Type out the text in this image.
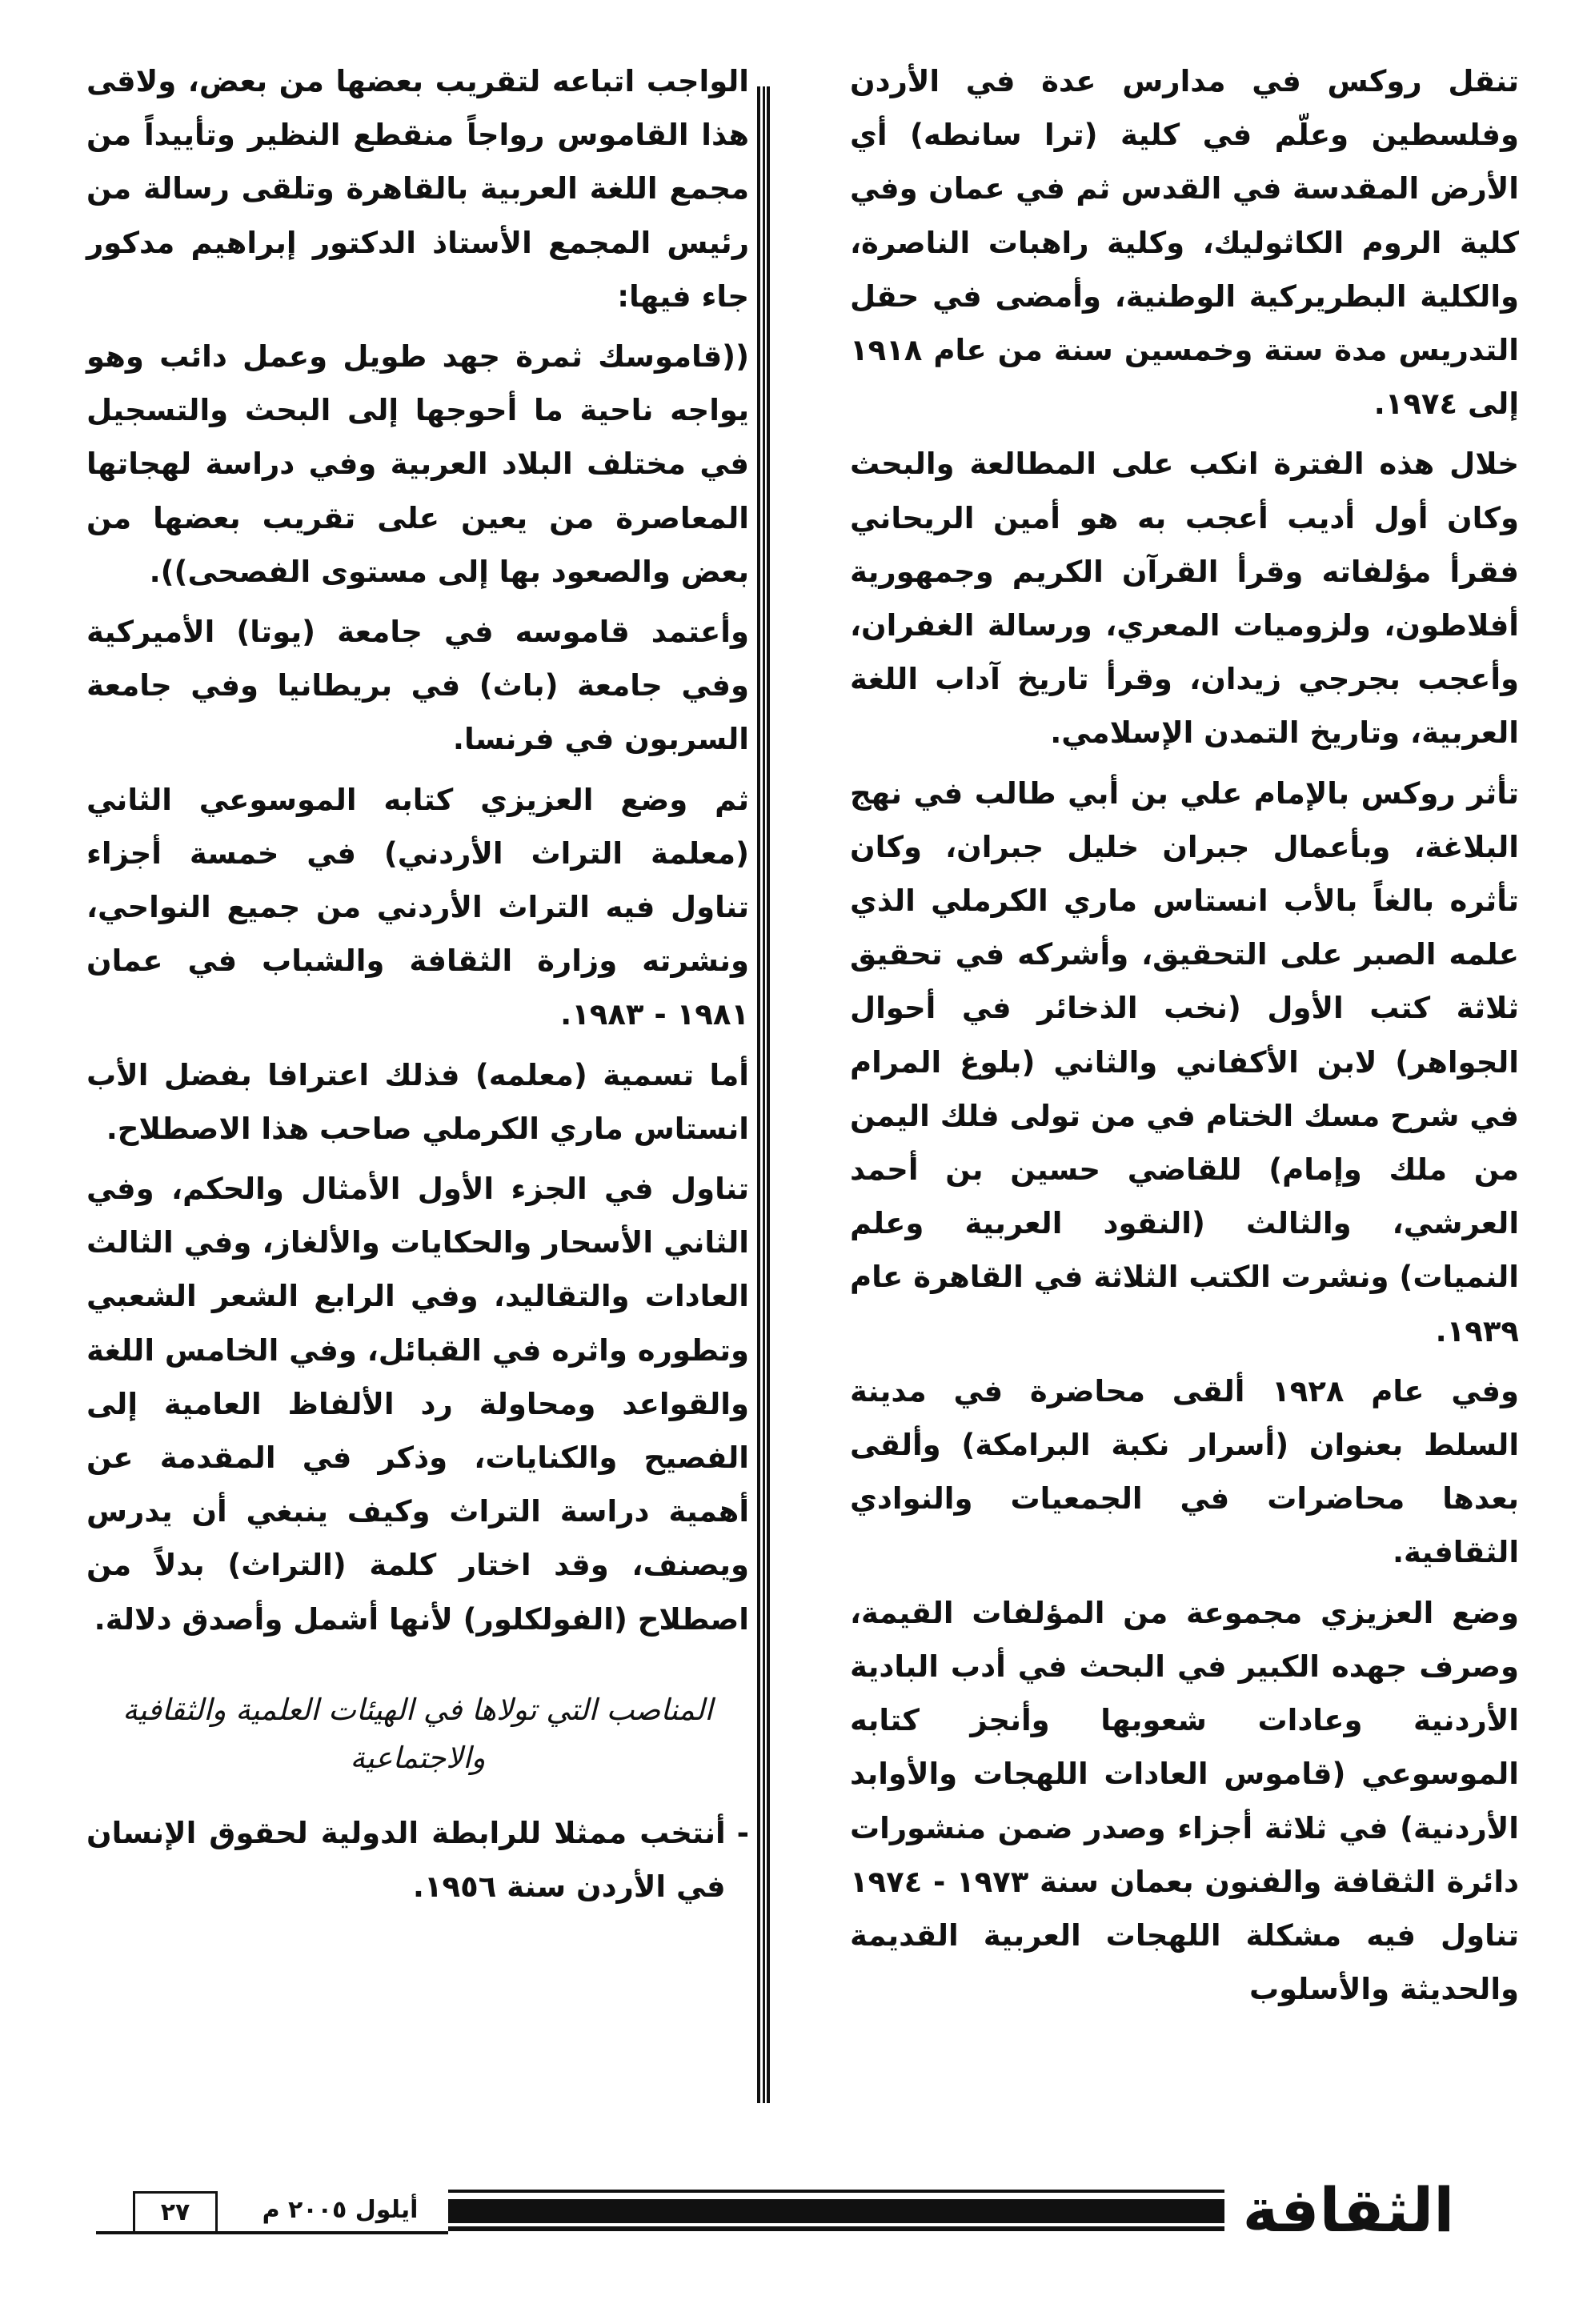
تنقل روكس في مدارس عدة في الأردن وفلسطين وعلّم في كلية (ترا سانطه) أي الأرض المقدسة في القدس ثم في عمان وفي كلية الروم الكاثوليك، وكلية راهبات الناصرة، والكلية البطريركية الوطنية، وأمضى في حقل التدريس مدة ستة وخمسين سنة من عام ١٩١٨ إلى ١٩٧٤.

خلال هذه الفترة انكب على المطالعة والبحث وكان أول أديب أعجب به هو أمين الريحاني فقرأ مؤلفاته وقرأ القرآن الكريم وجمهورية أفلاطون، ولزوميات المعري، ورسالة الغفران، وأعجب بجرجي زيدان، وقرأ تاريخ آداب اللغة العربية، وتاريخ التمدن الإسلامي.

تأثر روكس بالإمام علي بن أبي طالب في نهج البلاغة، وبأعمال جبران خليل جبران، وكان تأثره بالغاً بالأب انستاس ماري الكرملي الذي علمه الصبر على التحقيق، وأشركه في تحقيق ثلاثة كتب الأول (نخب الذخائر في أحوال الجواهر) لابن الأكفاني والثاني (بلوغ المرام في شرح مسك الختام في من تولى فلك اليمن من ملك وإمام) للقاضي حسين بن أحمد العرشي، والثالث (النقود العربية وعلم النميات) ونشرت الكتب الثلاثة في القاهرة عام ١٩٣٩.

وفي عام ١٩٢٨ ألقى محاضرة في مدينة السلط بعنوان (أسرار نكبة البرامكة) وألقى بعدها محاضرات في الجمعيات والنوادي الثقافية.

وضع العزيزي مجموعة من المؤلفات القيمة، وصرف جهده الكبير في البحث في أدب البادية الأردنية وعادات شعوبها وأنجز كتابه الموسوعي (قاموس العادات اللهجات والأوابد الأردنية) في ثلاثة أجزاء وصدر ضمن منشورات دائرة الثقافة والفنون بعمان سنة ١٩٧٣ - ١٩٧٤ تناول فيه مشكلة اللهجات العربية القديمة والحديثة والأسلوب

الواجب اتباعه لتقريب بعضها من بعض، ولاقى هذا القاموس رواجاً منقطع النظير وتأييداً من مجمع اللغة العربية بالقاهرة وتلقى رسالة من رئيس المجمع الأستاذ الدكتور إبراهيم مدكور جاء فيها:

((قاموسك ثمرة جهد طويل وعمل دائب وهو يواجه ناحية ما أحوجها إلى البحث والتسجيل في مختلف البلاد العربية وفي دراسة لهجاتها المعاصرة من يعين على تقريب بعضها من بعض والصعود بها إلى مستوى الفصحى)).

وأعتمد قاموسه في جامعة (يوتا) الأميركية وفي جامعة (باث) في بريطانيا وفي جامعة السربون في فرنسا.

ثم وضع العزيزي كتابه الموسوعي الثاني (معلمة التراث الأردني) في خمسة أجزاء تناول فيه التراث الأردني من جميع النواحي، ونشرته وزارة الثقافة والشباب في عمان ١٩٨١ - ١٩٨٣.

أما تسمية (معلمه) فذلك اعترافا بفضل الأب انستاس ماري الكرملي صاحب هذا الاصطلاح.

تناول في الجزء الأول الأمثال والحكم، وفي الثاني الأسحار والحكايات والألغاز، وفي الثالث العادات والتقاليد، وفي الرابع الشعر الشعبي وتطوره واثره في القبائل، وفي الخامس اللغة والقواعد ومحاولة رد الألفاظ العامية إلى الفصيح والكنايات، وذكر في المقدمة عن أهمية دراسة التراث وكيف ينبغي أن يدرس ويصنف، وقد اختار كلمة (التراث) بدلاً من اصطلاح (الفولكلور) لأنها أشمل وأصدق دلالة.

المناصب التي تولاها في الهيئات العلمية والثقافية والاجتماعية
-
أنتخب ممثلا للرابطة الدولية لحقوق الإنسان في الأردن سنة ١٩٥٦.
الثقافة
أيلول ٢٠٠٥ م
٢٧
